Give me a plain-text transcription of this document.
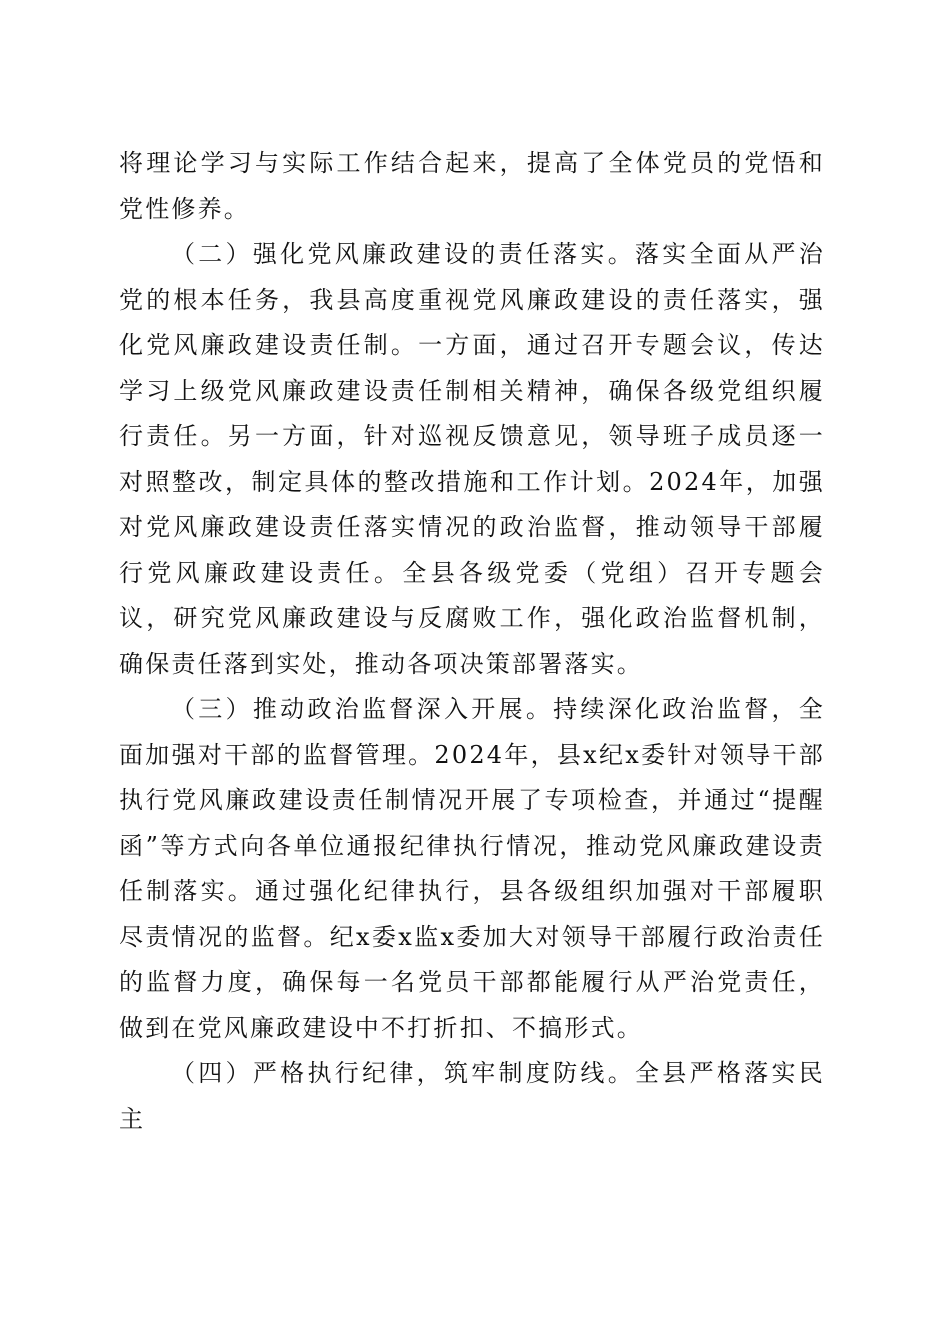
将理论学习与实际工作结合起来，提高了全体党员的党悟和党性修养。

（二）强化党风廉政建设的责任落实。落实全面从严治党的根本任务，我县高度重视党风廉政建设的责任落实，强化党风廉政建设责任制。一方面，通过召开专题会议，传达学习上级党风廉政建设责任制相关精神，确保各级党组织履行责任。另一方面，针对巡视反馈意见，领导班子成员逐一对照整改，制定具体的整改措施和工作计划。2024年，加强对党风廉政建设责任落实情况的政治监督，推动领导干部履行党风廉政建设责任。全县各级党委（党组）召开专题会议，研究党风廉政建设与反腐败工作，强化政治监督机制，确保责任落到实处，推动各项决策部署落实。

（三）推动政治监督深入开展。持续深化政治监督，全面加强对干部的监督管理。2024年，县x纪x委针对领导干部执行党风廉政建设责任制情况开展了专项检查，并通过“提醒函”等方式向各单位通报纪律执行情况，推动党风廉政建设责任制落实。通过强化纪律执行，县各级组织加强对干部履职尽责情况的监督。纪x委x监x委加大对领导干部履行政治责任的监督力度，确保每一名党员干部都能履行从严治党责任，做到在党风廉政建设中不打折扣、不搞形式。

（四）严格执行纪律，筑牢制度防线。全县严格落实民主
